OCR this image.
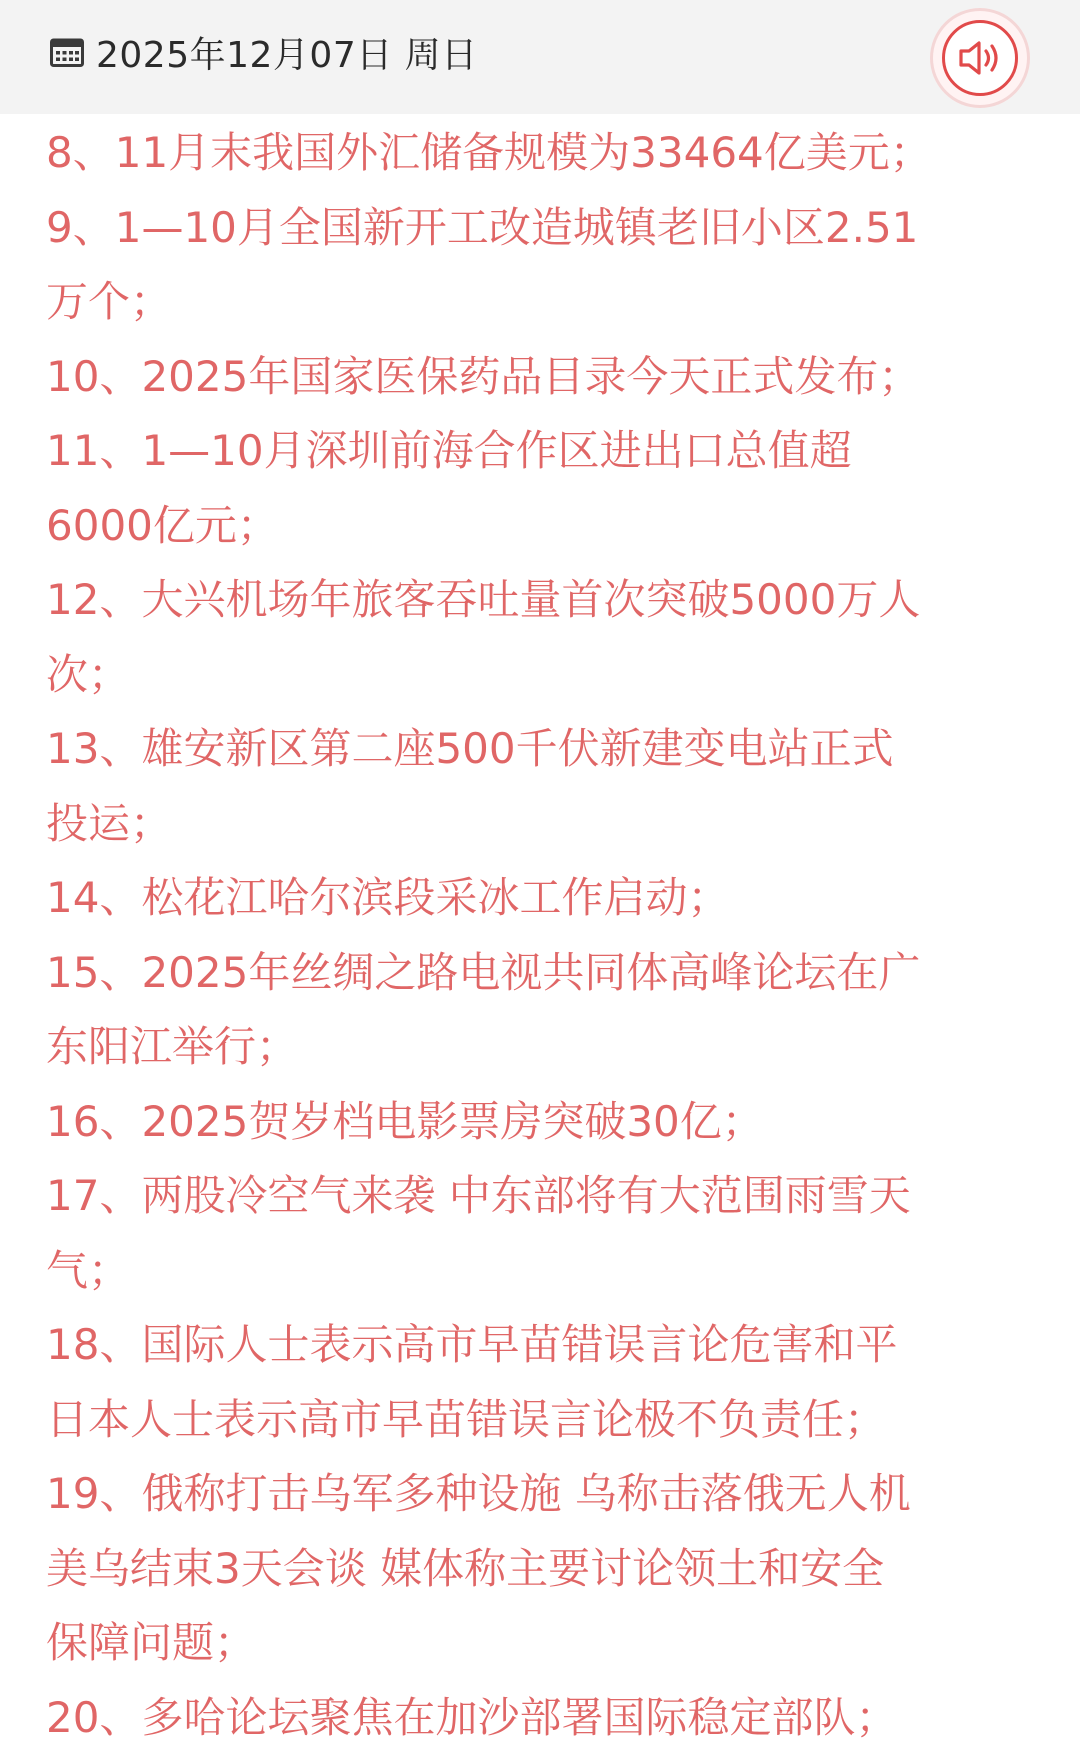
2025年12月07日 周日
8、11月末我国外汇储备规模为33464亿美元；
9、1—10月全国新开工改造城镇老旧小区2.51
万个；
10、2025年国家医保药品目录今天正式发布；
11、1—10月深圳前海合作区进出口总值超
6000亿元；
12、大兴机场年旅客吞吐量首次突破5000万人
次；
13、雄安新区第二座500千伏新建变电站正式
投运；
14、松花江哈尔滨段采冰工作启动；
15、2025年丝绸之路电视共同体高峰论坛在广
东阳江举行；
16、2025贺岁档电影票房突破30亿；
17、两股冷空气来袭 中东部将有大范围雨雪天
气；
18、国际人士表示高市早苗错误言论危害和平
日本人士表示高市早苗错误言论极不负责任；
19、俄称打击乌军多种设施 乌称击落俄无人机
美乌结束3天会谈 媒体称主要讨论领土和安全
保障问题；
20、多哈论坛聚焦在加沙部署国际稳定部队；
